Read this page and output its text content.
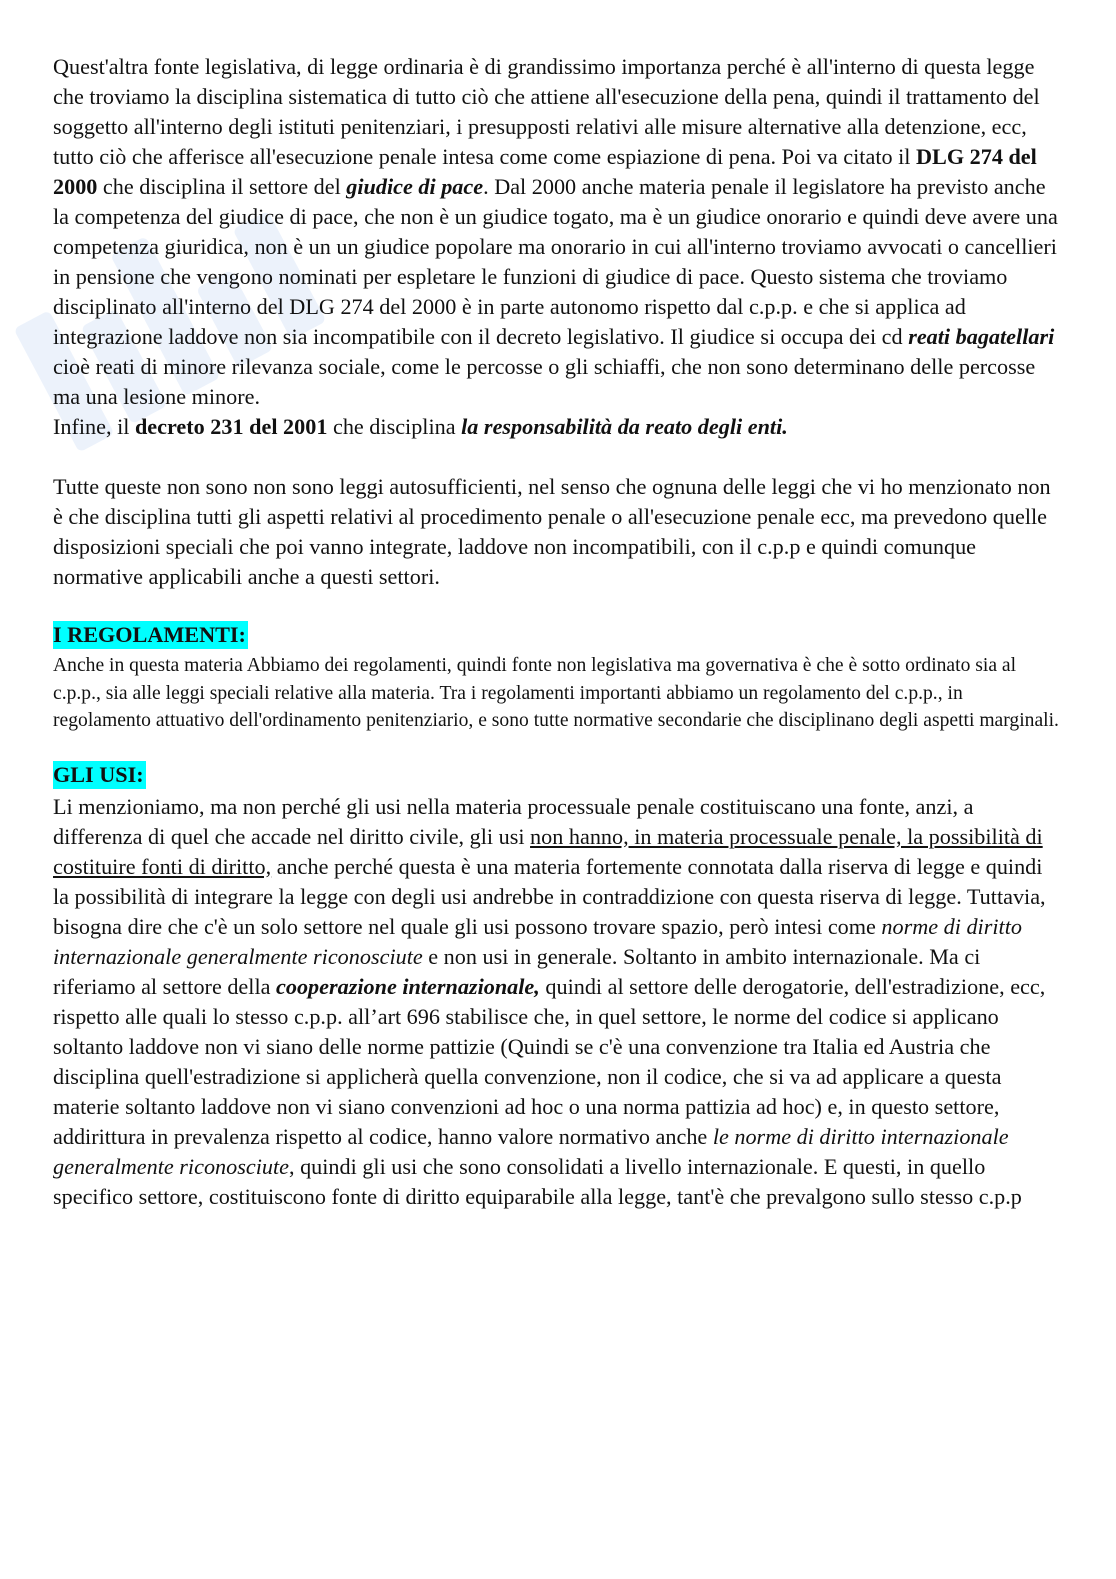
Quest'altra fonte legislativa, di legge ordinaria è di grandissimo importanza perché è all'interno di questa legge che troviamo la disciplina sistematica di tutto ciò che attiene all'esecuzione della pena, quindi il trattamento del soggetto all'interno degli istituti penitenziari, i presupposti relativi alle misure alternative alla detenzione, ecc, tutto ciò che afferisce all'esecuzione penale intesa come come espiazione di pena. Poi va citato il DLG 274 del 2000 che disciplina il settore del giudice di pace. Dal 2000 anche materia penale il legislatore ha previsto anche la competenza del giudice di pace, che non è un giudice togato, ma è un giudice onorario e quindi deve avere una competenza giuridica, non è un un giudice popolare ma onorario in cui all'interno troviamo avvocati o cancellieri in pensione che vengono nominati per espletare le funzioni di giudice di pace. Questo sistema che troviamo disciplinato all'interno del DLG 274 del 2000 è in parte autonomo rispetto dal c.p.p. e che si applica ad integrazione laddove non sia incompatibile con il decreto legislativo. Il giudice si occupa dei cd reati bagatellari cioè reati di minore rilevanza sociale, come le percosse o gli schiaffi, che non sono determinano delle percosse ma una lesione minore.

Infine, il decreto 231 del 2001 che disciplina la responsabilità da reato degli enti.

Tutte queste non sono non sono leggi autosufficienti, nel senso che ognuna delle leggi che vi ho menzionato non è che disciplina tutti gli aspetti relativi al procedimento penale o all'esecuzione penale ecc, ma prevedono quelle disposizioni speciali che poi vanno integrate, laddove non incompatibili, con il c.p.p e quindi comunque normative applicabili anche a questi settori.

I REGOLAMENTI:

Anche in questa materia Abbiamo dei regolamenti, quindi fonte non legislativa ma governativa è che è sotto ordinato sia al c.p.p., sia alle leggi speciali relative alla materia. Tra i regolamenti importanti abbiamo un regolamento del c.p.p., in regolamento attuativo dell'ordinamento penitenziario, e sono tutte normative secondarie che disciplinano degli aspetti marginali.

GLI USI:

Li menzioniamo, ma non perché gli usi nella materia processuale penale costituiscano una fonte, anzi, a differenza di quel che accade nel diritto civile, gli usi non hanno, in materia processuale penale, la possibilità di costituire fonti di diritto, anche perché questa è una materia fortemente connotata dalla riserva di legge e quindi la possibilità di integrare la legge con degli usi andrebbe in contraddizione con questa riserva di legge. Tuttavia, bisogna dire che c'è un solo settore nel quale gli usi possono trovare spazio, però intesi come norme di diritto internazionale generalmente riconosciute e non usi in generale. Soltanto in ambito internazionale. Ma ci riferiamo al settore della cooperazione internazionale, quindi al settore delle derogatorie, dell'estradizione, ecc, rispetto alle quali lo stesso c.p.p. all’art 696 stabilisce che, in quel settore, le norme del codice si applicano soltanto laddove non vi siano delle norme pattizie (Quindi se c'è una convenzione tra Italia ed Austria che disciplina quell'estradizione si applicherà quella convenzione, non il codice, che si va ad applicare a questa materie soltanto laddove non vi siano convenzioni ad hoc o una norma pattizia ad hoc) e, in questo settore, addirittura in prevalenza rispetto al codice, hanno valore normativo anche le norme di diritto internazionale generalmente riconosciute, quindi gli usi che sono consolidati a livello internazionale. E questi, in quello specifico settore, costituiscono fonte di diritto equiparabile alla legge, tant'è che prevalgono sullo stesso c.p.p
